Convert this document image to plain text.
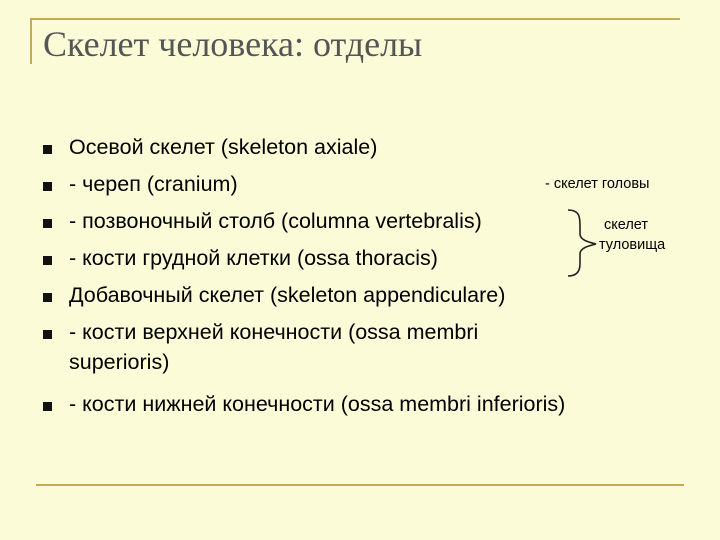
Скелет человека: отделы
Осевой скелет (skeleton axiale)
- череп (cranium)
- позвоночный столб (columna vertebralis)
- кости грудной клетки (ossa thoracis)
Добавочный скелет (skeleton appendiculare)
- кости верхней конечности (ossa membri
superioris)
- кости нижней конечности (ossa membri inferioris)
- скелет головы
скелет
туловища
